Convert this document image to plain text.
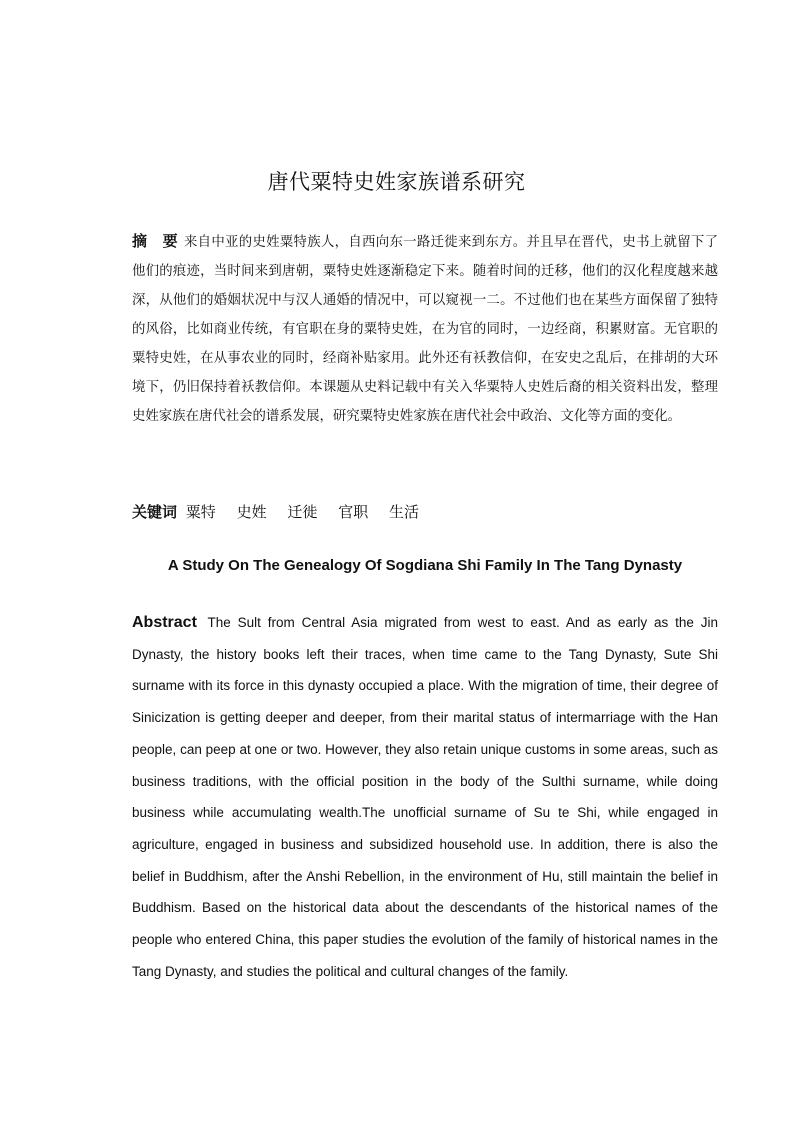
唐代粟特史姓家族谱系研究
摘　要 来自中亚的史姓粟特族人，自西向东一路迁徙来到东方。并且早在晋代，史书上就留下了他们的痕迹，当时间来到唐朝，粟特史姓逐渐稳定下来。随着时间的迁移，他们的汉化程度越来越深，从他们的婚姻状况中与汉人通婚的情况中，可以窥视一二。不过他们也在某些方面保留了独特的风俗，比如商业传统，有官职在身的粟特史姓，在为官的同时，一边经商，积累财富。无官职的粟特史姓，在从事农业的同时，经商补贴家用。此外还有袄教信仰，在安史之乱后，在排胡的大环境下，仍旧保持着袄教信仰。本课题从史料记载中有关入华粟特人史姓后裔的相关资料出发，整理史姓家族在唐代社会的谱系发展，研究粟特史姓家族在唐代社会中政治、文化等方面的变化。
关键词 粟特 史姓 迁徙 官职 生活
A Study On The Genealogy Of Sogdiana Shi Family In The Tang Dynasty
Abstract The Sult from Central Asia migrated from west to east. And as early as the Jin Dynasty, the history books left their traces, when time came to the Tang Dynasty, Sute Shi surname with its force in this dynasty occupied a place. With the migration of time, their degree of Sinicization is getting deeper and deeper, from their marital status of intermarriage with the Han people, can peep at one or two. However, they also retain unique customs in some areas, such as business traditions, with the official position in the body of the Sulthi surname, while doing business while accumulating wealth.The unofficial surname of Su te Shi, while engaged in agriculture, engaged in business and subsidized household use. In addition, there is also the belief in Buddhism, after the Anshi Rebellion, in the environment of Hu, still maintain the belief in Buddhism. Based on the historical data about the descendants of the historical names of the people who entered China, this paper studies the evolution of the family of historical names in the Tang Dynasty, and studies the political and cultural changes of the family.
